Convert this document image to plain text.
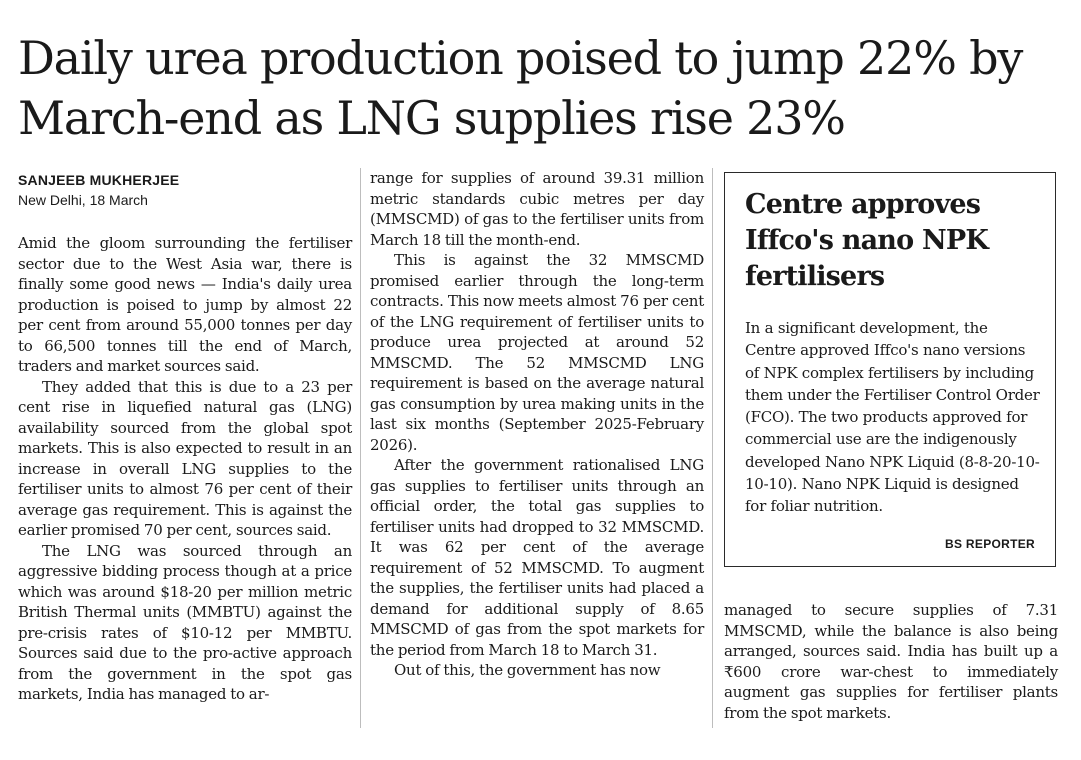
Daily urea production poised to jump 22% by March-end as LNG supplies rise 23%
SANJEEB MUKHERJEE
New Delhi, 18 March

Amid the gloom surrounding the fertiliser sector due to the West Asia war, there is finally some good news — India's daily urea production is poised to jump by almost 22 per cent from around 55,000 tonnes per day to 66,500 tonnes till the end of March, traders and market sources said.

They added that this is due to a 23 per cent rise in liquefied natural gas (LNG) availability sourced from the global spot markets. This is also expected to result in an increase in overall LNG supplies to the fertiliser units to almost 76 per cent of their average gas requirement. This is against the earlier promised 70 per cent, sources said.

The LNG was sourced through an aggressive bidding process though at a price which was around $18-20 per million metric British Thermal units (MMBTU) against the pre-crisis rates of $10-12 per MMBTU. Sources said due to the pro-active approach from the government in the spot gas markets, India has managed to ar-

range for supplies of around 39.31 million metric standards cubic metres per day (MMSCMD) of gas to the fertiliser units from March 18 till the month-end.

This is against the 32 MMSCMD promised earlier through the long-term contracts. This now meets almost 76 per cent of the LNG requirement of fertiliser units to produce urea projected at around 52 MMSCMD. The 52 MMSCMD LNG requirement is based on the average natural gas consumption by urea making units in the last six months (September 2025-February 2026).

After the government rationalised LNG gas supplies to fertiliser units through an official order, the total gas supplies to fertiliser units had dropped to 32 MMSCMD. It was 62 per cent of the average requirement of 52 MMSCMD. To augment the supplies, the fertiliser units had placed a demand for additional supply of 8.65 MMSCMD of gas from the spot markets for the period from March 18 to March 31.

Out of this, the government has now

Centre approves Iffco's nano NPK fertilisers
In a significant development, the Centre approved Iffco's nano versions of NPK complex fertilisers by including them under the Fertiliser Control Order (FCO). The two products approved for commercial use are the indigenously developed Nano NPK Liquid (8-8-20-10-10-10). Nano NPK Liquid is designed for foliar nutrition.
BS REPORTER

managed to secure supplies of 7.31 MMSCMD, while the balance is also being arranged, sources said. India has built up a ₹600 crore war-chest to immediately augment gas supplies for fertiliser plants from the spot markets.
